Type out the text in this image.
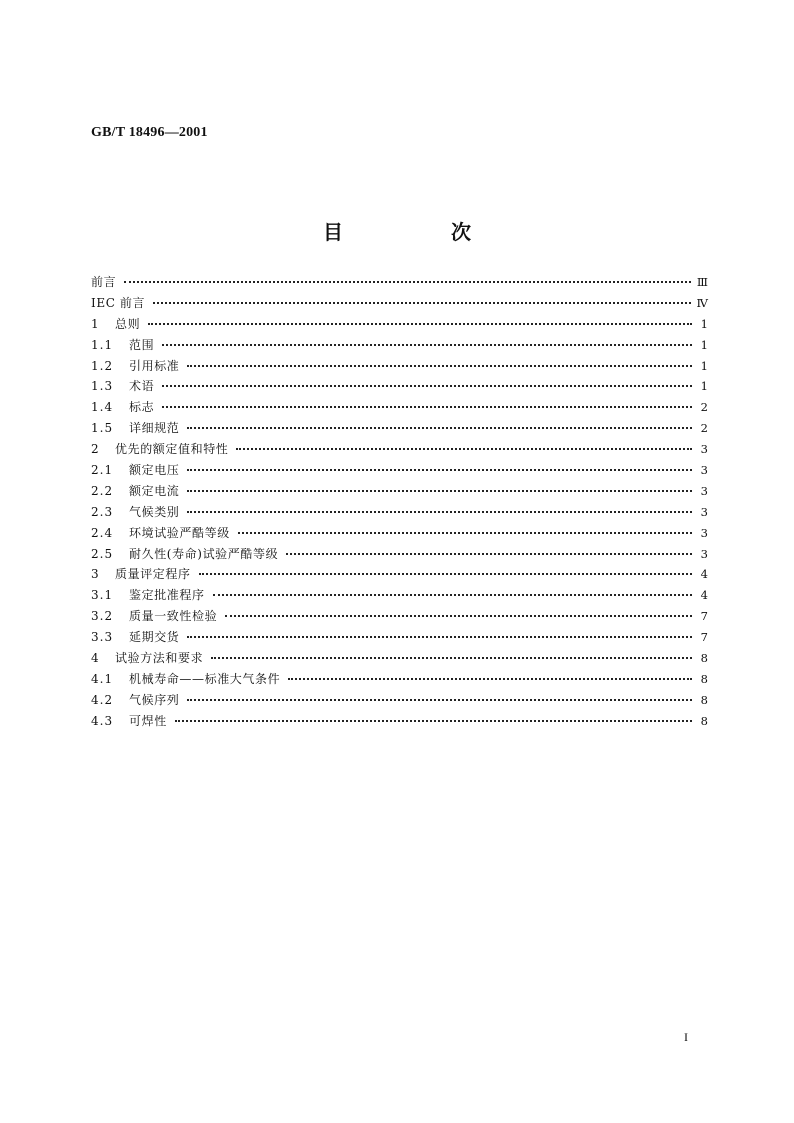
GB/T 18496—2001
目　次
前言	Ⅲ
IEC 前言	Ⅳ
1	总则	1
1.1	范围	1
1.2	引用标准	1
1.3	术语	1
1.4	标志	2
1.5	详细规范	2
2	优先的额定值和特性	3
2.1	额定电压	3
2.2	额定电流	3
2.3	气候类别	3
2.4	环境试验严酷等级	3
2.5	耐久性(寿命)试验严酷等级	3
3	质量评定程序	4
3.1	鉴定批准程序	4
3.2	质量一致性检验	7
3.3	延期交货	7
4	试验方法和要求	8
4.1	机械寿命——标准大气条件	8
4.2	气候序列	8
4.3	可焊性	8
I
